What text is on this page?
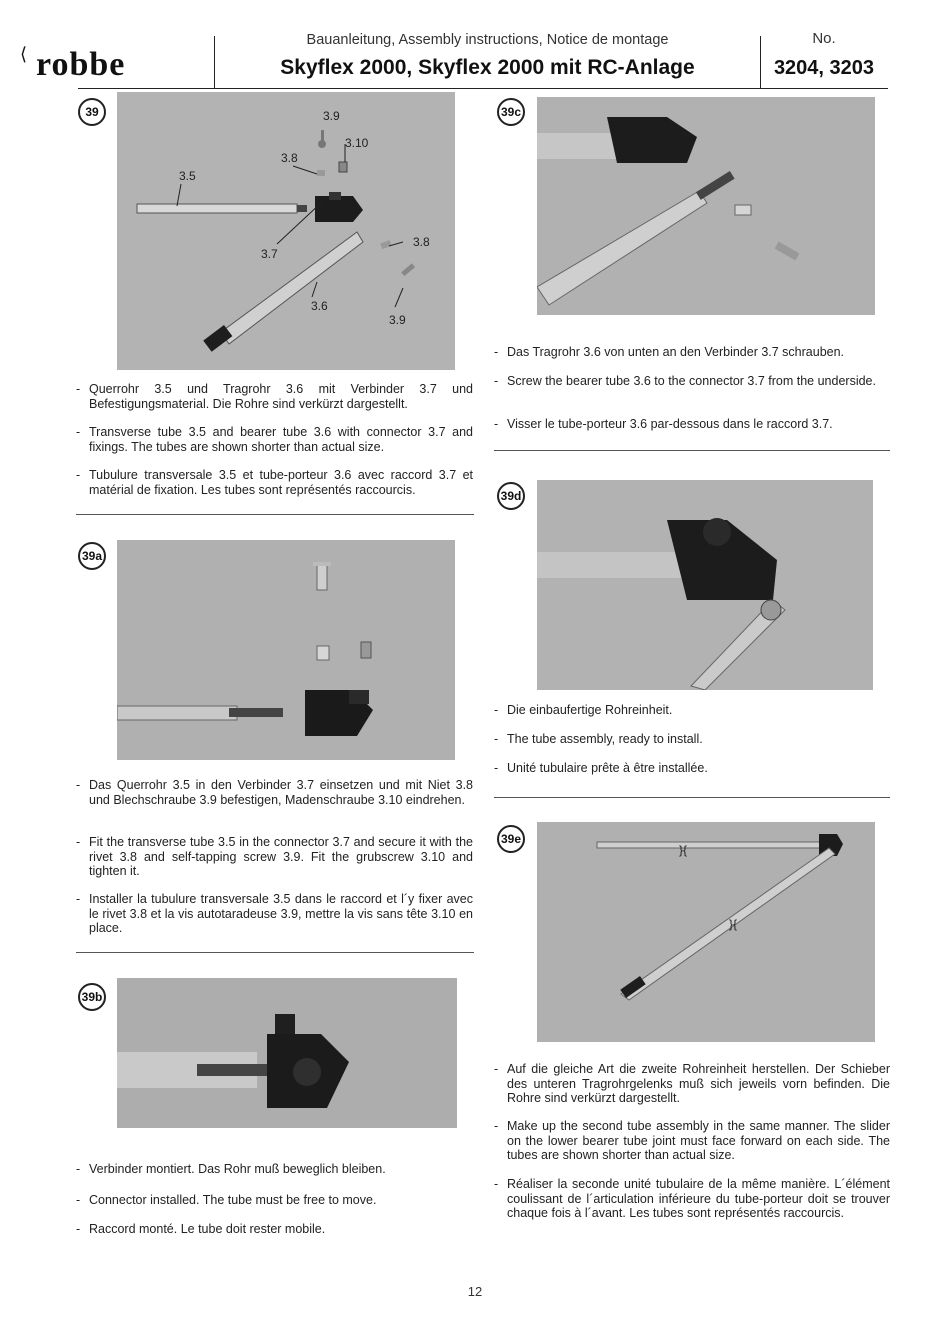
⟨ robbe
Bauanleitung, Assembly instructions, Notice de montage
Skyflex 2000, Skyflex 2000 mit RC-Anlage
No.
3204, 3203
39	3.9
3.10
3.8
3.5
3.7
3.8
3.6
3.9
- Querrohr 3.5 und Tragrohr 3.6 mit Verbinder 3.7 und Befestigungsmaterial. Die Rohre sind verkürzt dargestellt.
- Transverse tube 3.5 and bearer tube 3.6 with connector 3.7 and fixings. The tubes are shown shorter than actual size.
- Tubulure transversale 3.5 et tube-porteur 3.6 avec raccord 3.7 et matérial de fixation. Les tubes sont représentés raccourcis.
39a
- Das Querrohr 3.5 in den Verbinder 3.7 einsetzen und mit Niet 3.8 und Blechschraube 3.9 befestigen, Madenschraube 3.10 eindrehen.
- Fit the transverse tube 3.5 in the connector 3.7 and secure it with the rivet 3.8 and self-tapping screw 3.9. Fit the grubscrew 3.10 and tighten it.
- Installer la tubulure transversale 3.5 dans le raccord et l´y fixer avec le rivet 3.8 et la vis autotaradeuse 3.9, mettre la vis sans tête 3.10 en place.
39b
- Verbinder montiert. Das Rohr muß beweglich bleiben.
- Connector installed. The tube must be free to move.
- Raccord monté. Le tube doit rester mobile.
39c
- Das Tragrohr 3.6 von unten an den Verbinder 3.7 schrauben.
- Screw the bearer tube 3.6 to the connector 3.7 from the underside.
- Visser le tube-porteur 3.6 par-dessous dans le raccord 3.7.
39d
- Die einbaufertige Rohreinheit.
- The tube assembly, ready to install.
- Unité tubulaire prête à être installée.
39e
}{
}{
- Auf die gleiche Art die zweite Rohreinheit herstellen. Der Schieber des unteren Tragrohrgelenks muß sich jeweils vorn befinden. Die Rohre sind verkürzt dargestellt.
- Make up the second tube assembly in the same manner. The slider on the lower bearer tube joint must face forward on each side. The tubes are shown shorter than actual size.
- Réaliser la seconde unité tubulaire de la même manière. L´élément coulissant de l´articulation inférieure du tube-porteur doit se trouver chaque fois à l´avant. Les tubes sont représentés raccourcis.
12
